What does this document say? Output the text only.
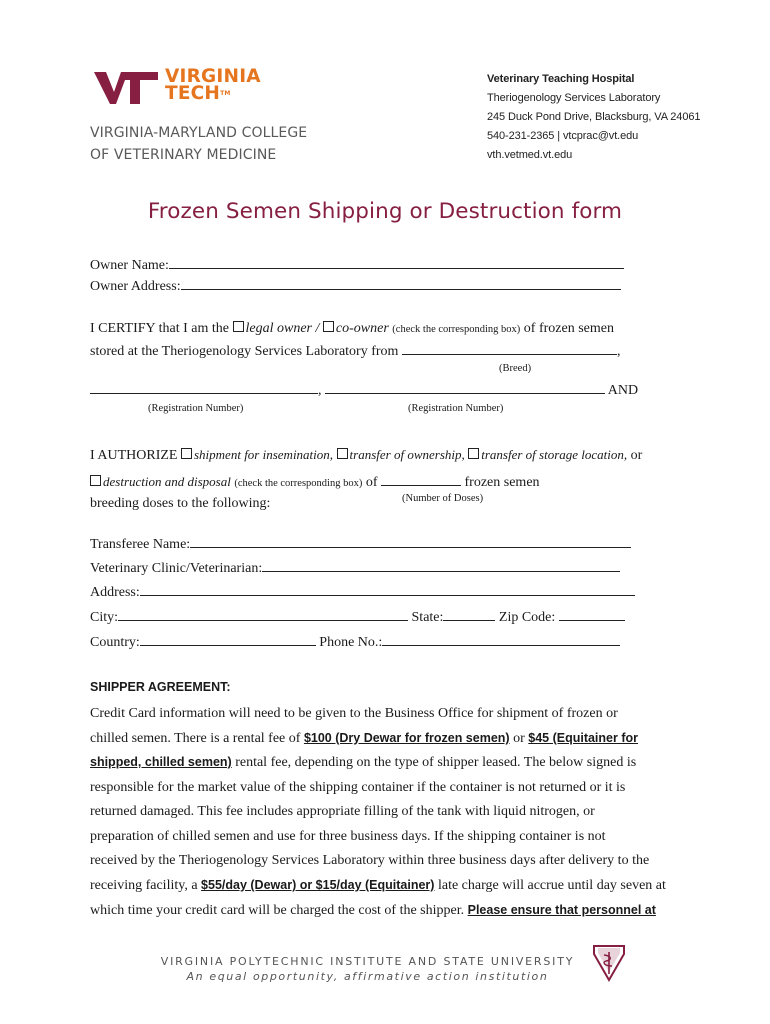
VIRGINIA
TECH™
VIRGINIA-MARYLAND COLLEGE
OF VETERINARY MEDICINE
Veterinary Teaching Hospital
Theriogenology Services Laboratory
245 Duck Pond Drive, Blacksburg, VA 24061
540-231-2365 | vtcprac@vt.edu
vth.vetmed.vt.edu
Frozen Semen Shipping or Destruction form
Owner Name:
Owner Address:
I CERTIFY that I am the legal owner / co-owner (check the corresponding box) of frozen semen
stored at the Theriogenology Services Laboratory from	,
(Breed)
,	AND
(Registration Number)	(Registration Number)
I AUTHORIZE shipment for insemination, transfer of ownership, transfer of storage location, or
destruction and disposal (check the corresponding box) of	frozen semen
breeding doses to the following:	(Number of Doses)
Transferee Name:
Veterinary Clinic/Veterinarian:
Address:
City:	State:	Zip Code:
Country:	Phone No.:
SHIPPER AGREEMENT:
Credit Card information will need to be given to the Business Office for shipment of frozen or
chilled semen. There is a rental fee of $100 (Dry Dewar for frozen semen) or $45 (Equitainer for
shipped, chilled semen) rental fee, depending on the type of shipper leased. The below signed is
responsible for the market value of the shipping container if the container is not returned or it is
returned damaged. This fee includes appropriate filling of the tank with liquid nitrogen, or
preparation of chilled semen and use for three business days. If the shipping container is not
received by the Theriogenology Services Laboratory within three business days after delivery to the
receiving facility, a $55/day (Dewar) or $15/day (Equitainer) late charge will accrue until day seven at
which time your credit card will be charged the cost of the shipper. Please ensure that personnel at
VIRGINIA POLYTECHNIC INSTITUTE AND STATE UNIVERSITY
An equal opportunity, affirmative action institution
